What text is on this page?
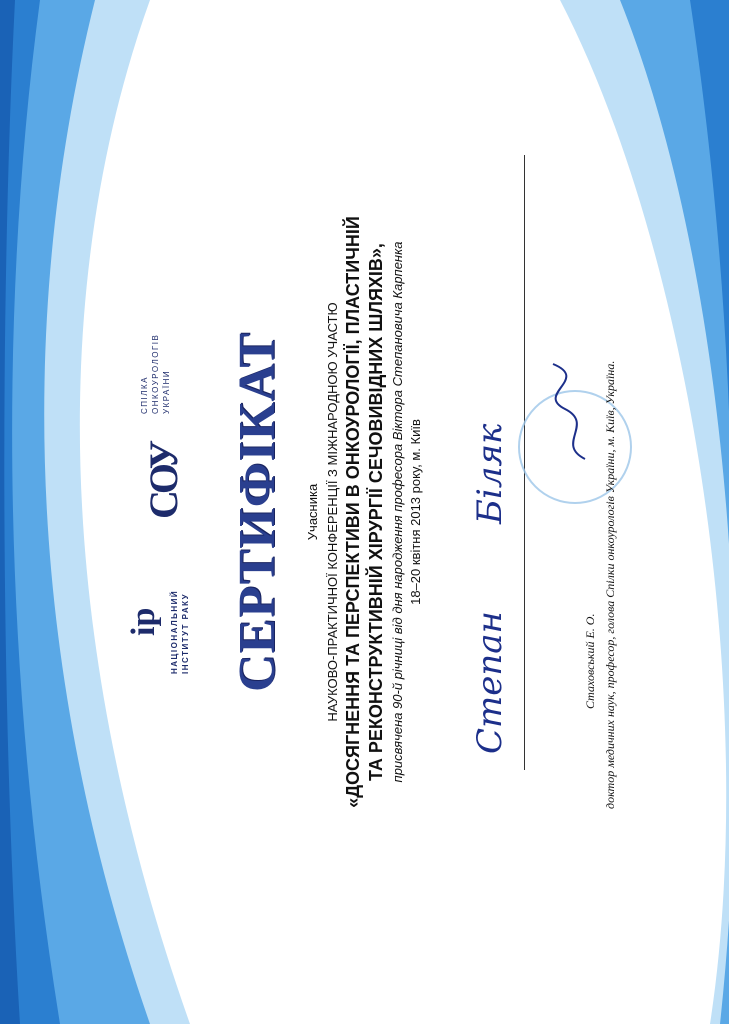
ір НАЦІОНАЛЬНИЙ ІНСТИТУТ РАКУ
СОУ
СПІЛКА ОНКОУРОЛОГІВ УКРАЇНИ СЕРТИФІКАТ Учасника НАУКОВО-ПРАКТИЧНОЇ КОНФЕРЕНЦІЇ З МІЖНАРОДНОЮ УЧАСТЮ «ДОСЯГНЕННЯ ТА ПЕРСПЕКТИВИ В ОНКОУРОЛОГІЇ, ПЛАСТИЧНІЙ ТА РЕКОНСТРУКТИВНІЙ ХІРУРГІЇ СЕЧОВИВІДНИХ ШЛЯХІВ», присвячена 90-й річниці від дня народження професора Віктора Степановича Карпенка 18–20 квітня 2013 року, м. Київ
Степан
Біляк
Стаховський Е. О. доктор медичних наук, професор, голова Спілки онкоурологів України, м. Київ, Україна.
